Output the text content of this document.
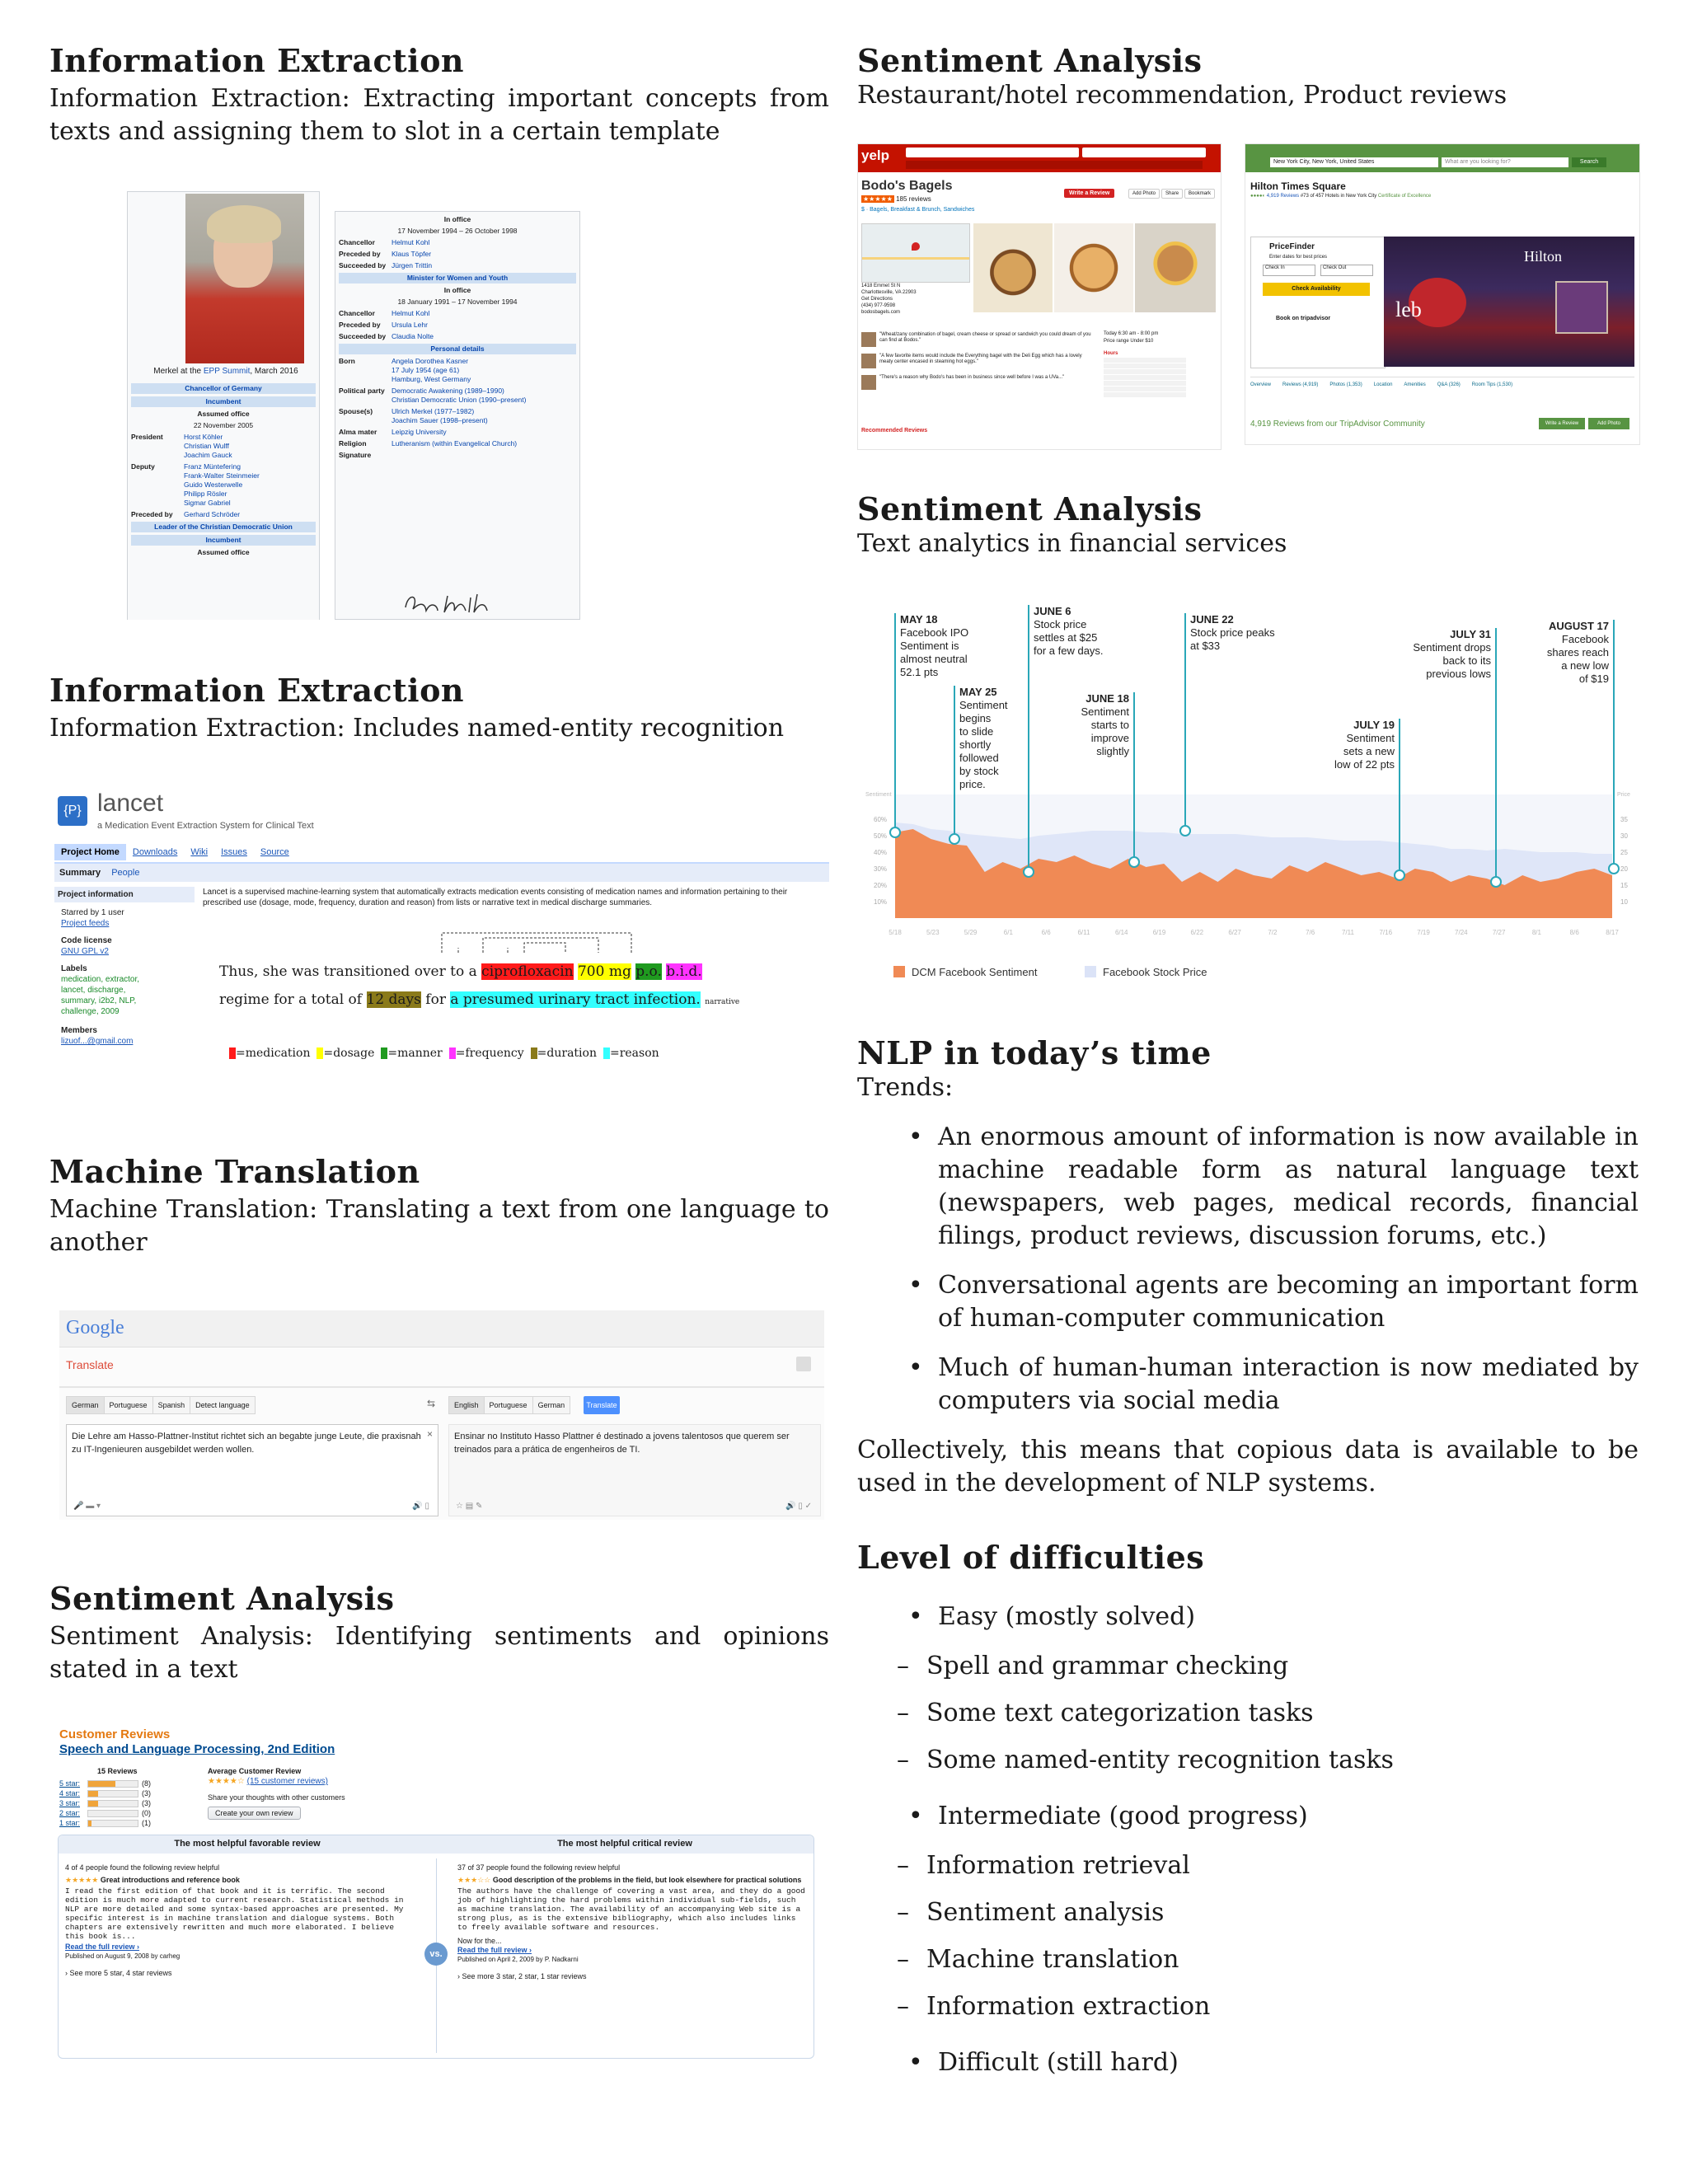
Information Extraction

Information Extraction: Extracting important concepts from texts and assigning them to slot in a certain template

Merkel at the EPP Summit, March 2016
Chancellor of Germany
Incumbent
Assumed office
22 November 2005
President	Horst Köhler
Christian Wulff
Joachim Gauck
Deputy	Franz Müntefering
Frank-Walter Steinmeier
Guido Westerwelle
Philipp Rösler
Sigmar Gabriel
Preceded by	Gerhard Schröder
Leader of the Christian Democratic Union
Incumbent
Assumed office
In office
17 November 1994 – 26 October 1998
Chancellor	Helmut Kohl
Preceded by	Klaus Töpfer
Succeeded by Jürgen Trittin
Minister for Women and Youth
In office
18 January 1991 – 17 November 1994
Chancellor	Helmut Kohl
Preceded by	Ursula Lehr
Succeeded by Claudia Nolte
Personal details
Born	Angela Dorothea Kasner
17 July 1954 (age 61)
Hamburg, West Germany
Political party Democratic Awakening (1989–1990)
Christian Democratic Union (1990–present)
Spouse(s)	Ulrich Merkel (1977–1982)
Joachim Sauer (1998–present)
Alma mater	Leipzig University
Religion	Lutheranism (within Evangelical Church)
Signature
Information Extraction

Information Extraction: Includes named-entity recognition

{P} lancet
a Medication Event Extraction System for Clinical Text
Project Home Downloads Wiki Issues Source
Summary People
Project information
Starred by 1 user
Project feeds
Code license
GNU GPL v2
Labels
medication, extractor, lancet, discharge, summary, i2b2, NLP, challenge, 2009
Members
lizuof...@gmail.com
Lancet is a supervised machine-learning system that automatically extracts medication events consisting of medication names and information pertaining to their prescribed use (dosage, mode, frequency, duration and reason) from lists or narrative text in medical discharge summaries.
Thus, she was transitioned over to a ciprofloxacin 700 mg p.o. b.i.d.
regime for a total of 12 days for a presumed urinary tract infection. narrative
=medication =dosage =manner =frequency =duration =reason
Machine Translation

Machine Translation: Translating a text from one language to another

Google
Translate
German Portuguese Spanish Detect language	⇆	English Portuguese German	Translate
Die Lehre am Hasso-Plattner-Institut richtet sich an begabte junge Leute, die praxisnah zu IT-Ingenieuren ausgebildet werden wollen.
×
🎤 ▬ ▾	🔊 ▯
Ensinar no Instituto Hasso Plattner é destinado a jovens talentosos que querem ser treinados para a prática de engenheiros de TI.
☆ ▤ ✎	🔊 ▯ ✓
Sentiment Analysis

Sentiment Analysis: Identifying sentiments and opinions stated in a text

Customer Reviews
Speech and Language Processing, 2nd Edition
15 Reviews
5 star:	(8)
4 star:	(3)
3 star:	(3)
2 star:	(0)
1 star:	(1)
Average Customer Review
★★★★☆ (15 customer reviews)
Share your thoughts with other customers
Create your own review
The most helpful favorable review	The most helpful critical review
vs.
4 of 4 people found the following review helpful
★★★★★ Great introductions and reference book
I read the first edition of that book and it is terrific. The second edition is much more adapted to current research. Statistical methods in NLP are more detailed and some syntax-based approaches are presented. My specific interest is in machine translation and dialogue systems. Both chapters are extensively rewritten and much more elaborated. I believe this book is...
Read the full review ›
Published on August 9, 2008 by carheg
› See more 5 star, 4 star reviews
37 of 37 people found the following review helpful
★★★☆☆ Good description of the problems in the field, but look elsewhere for practical solutions
The authors have the challenge of covering a vast area, and they do a good job of highlighting the hard problems within individual sub-fields, such as machine translation. The availability of an accompanying Web site is a strong plus, as is the extensive bibliography, which also includes links to freely available software and resources.
Now for the...
Read the full review ›
Published on April 2, 2009 by P. Nadkarni
› See more 3 star, 2 star, 1 star reviews
Sentiment Analysis

Restaurant/hotel recommendation, Product reviews

yelp
Bodo's Bagels
★★★★★ 185 reviews
$ · Bagels, Breakfast & Brunch, Sandwiches
Write a Review	Add Photo Share Bookmark
1418 Emmet St N
Charlottesville, VA 22903
Get Directions
(434) 977-9598
bodosbagels.com
"Wheat/zany combination of bagel, cream cheese or spread or sandwich you could dream of you can find at Bodos."
"A few favorite items would include the Everything bagel with the Deli Egg which has a lovely meaty center encased in steaming hot eggs."
"There's a reason why Bodo's has been in business since well before I was a UVa..."
Today 6:30 am - 8:00 pm
Price range Under $10
Hours
Recommended Reviews
New York City, New York, United States	What are you looking for?	Search
Hilton Times Square
●●●●◐ 4,919 Reviews #73 of 457 Hotels in New York City Certificate of Excellence
PriceFinder
Enter dates for best prices
Check In	Check Out
Check Availability
Book on tripadvisor
Hilton
leb
Overview Reviews (4,919) Photos (1,353) Location Amenities Q&A (326) Room Tips (1,530)
4,919 Reviews from our TripAdvisor Community	Write a Review	Add Photo
Sentiment Analysis

Text analytics in financial services

10%
20%
30%
40%
50%
60%
10
15
20
25
30
35
Sentiment	Price
5/18	5/23	5/29	6/1	6/6	6/11	6/14	6/19	6/22	6/27	7/2	7/6	7/11	7/16	7/19	7/24	7/27	8/1	8/6	8/17
MAY 18
Facebook IPO
Sentiment is
almost neutral
52.1 pts
MAY 25
Sentiment
begins
to slide
shortly
followed
by stock
price.
JUNE 6
Stock price
settles at $25
for a few days.
JUNE 18
Sentiment
starts to
improve
slightly
JUNE 22
Stock price peaks
at $33
JULY 19
Sentiment
sets a new
low of 22 pts
JULY 31
Sentiment drops
back to its
previous lows
AUGUST 17
Facebook
shares reach
a new low
of $19
DCM Facebook Sentiment	Facebook Stock Price
NLP in today’s time

Trends:

• An enormous amount of information is now available in machine readable form as natural language text (newspapers, web pages, medical records, financial filings, product reviews, discussion forums, etc.)
• Conversational agents are becoming an important form of human-computer communication
• Much of human-human interaction is now mediated by computers via social media

Collectively, this means that copious data is available to be used in the development of NLP systems.

Level of difficulties
• Easy (mostly solved)
– Spell and grammar checking
– Some text categorization tasks
– Some named-entity recognition tasks
• Intermediate (good progress)
– Information retrieval
– Sentiment analysis
– Machine translation
– Information extraction
• Difficult (still hard)
